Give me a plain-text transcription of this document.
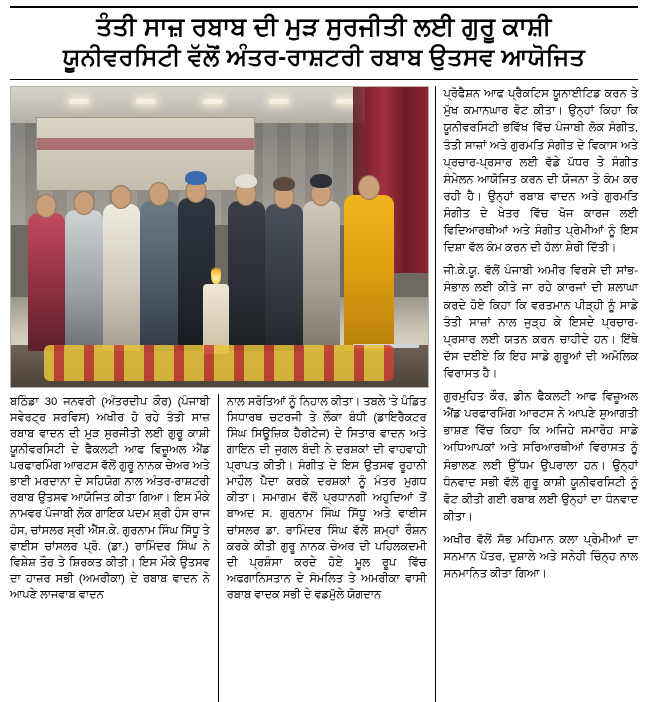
ਤੰਤੀ ਸਾਜ਼ ਰਬਾਬ ਦੀ ਮੁੜ ਸੁਰਜੀਤੀ ਲਈ ਗੁਰੂ ਕਾਸ਼ੀ
ਯੂਨੀਵਰਸਿਟੀ ਵੱਲੋਂ ਅੰਤਰ-ਰਾਸ਼ਟਰੀ ਰਬਾਬ ਉਤਸਵ ਆਯੋਜਿਤ
ਬਠਿੰਡਾ 30 ਜਨਵਰੀ (ਅੰਤਰਦੀਪ ਕੌਰ) (ਪੰਜਾਬੀ ਸਵੇਰਟ੍ਰ ਸਰਵਿਸ) ਅਖੀਰ ਹੋ ਰਹੇ ਤੰਤੀ ਸਾਜ਼ ਰਬਾਬ ਵਾਦਨ ਦੀ ਮੁੜ ਸੁਰਜੀਤੀ ਲਈ ਗੁਰੂ ਕਾਸ਼ੀ ਯੂਨੀਵਰਸਿਟੀ ਦੇ ਫੈਕਲਟੀ ਆਫ ਵਿਜ਼ੂਅਲ ਐਂਡ ਪਰਫਾਰਮਿੰਗ ਆਰਟਸ ਵੱਲੋਂ ਗੁਰੂ ਨਾਨਕ ਚੇਅਰ ਅਤੇ ਭਾਈ ਮਰਦਾਨਾ ਦੇ ਸਹਿਯੋਗ ਨਾਲ ਅੰਤਰ-ਰਾਸ਼ਟਰੀ ਰਬਾਬ ਉਤਸਵ ਆਯੋਜਿਤ ਕੀਤਾ ਗਿਆ। ਇਸ ਮੌਕੇ ਨਾਮਵਰ ਪੰਜਾਬੀ ਲੋਕ ਗਾਇਕ ਪਦਮ ਸ਼੍ਰੀ ਹੰਸ ਰਾਜ ਹੰਸ, ਚਾਂਸਲਰ ਸ੍ਰੀ ਐੱਸ.ਕੇ. ਗੁਰਨਾਮ ਸਿੰਘ ਸਿੱਧੂ ਤੇ ਵਾਈਸ ਚਾਂਸਲਰ ਪ੍ਰੋ. (ਡਾ.) ਰਾਮਿੰਦਰ ਸਿੰਘ ਨੇ ਵਿਸ਼ੇਸ਼ ਤੌਰ ਤੇ ਸ਼ਿਰਕਤ ਕੀਤੀ। ਇਸ ਮੌਕੇ ਉਤਸਵ ਦਾ ਹਾਜ਼ਰ ਸਭੀ (ਅਮਰੀਕਾ) ਦੇ ਰਬਾਬ ਵਾਦਨ ਨੇ ਆਪਣੇ ਲਾਜਵਾਬ ਵਾਦਨ
ਨਾਲ ਸਰੋਤਿਆਂ ਨੂੰ ਨਿਹਾਲ ਕੀਤਾ। ਤਬਲੇ 'ਤੇ ਪੰਡਿਤ ਸਿਧਾਰਥ ਚਟਰਜੀ ਤੇ ਲੌਕਾ ਬੰਧੀ (ਡਾਇਰੈਕਟਰ ਸਿੰਘ ਸਿਊਜ਼ਿਕ ਹੈਰੀਟੇਜ) ਦੇ ਸਿਤਾਰ ਵਾਦਨ ਅਤੇ ਗਾਇਨ ਦੀ ਜੁਗਲ ਬੰਦੀ ਨੇ ਦਰਸ਼ਕਾਂ ਦੀ ਵਾਹਵਾਹੀ ਪ੍ਰਾਪਤ ਕੀਤੀ। ਸੰਗੀਤ ਦੇ ਇਸ ਉਤਸਵ ਰੂਹਾਨੀ ਮਾਹੌਲ ਪੈਦਾ ਕਰਕੇ ਦਰਸ਼ਕਾਂ ਨੂੰ ਮੰਤਰ ਮੁਗਧ ਕੀਤਾ। ਸਮਾਗਮ ਵੱਲੋਂ ਪ੍ਰਧਾਨਗੀ ਅਹੁਦਿਆਂ ਤੋਂ ਬਾਅਦ ਸ. ਗੁਰਨਾਮ ਸਿੰਘ ਸਿੱਧੂ ਅਤੇ ਵਾਈਸ ਚਾਂਸਲਰ ਡਾ. ਰਾਮਿੰਦਰ ਸਿੰਘ ਵੱਲੋਂ ਸ਼ਮ੍ਹਾਂ ਰੌਸ਼ਨ ਕਰਕੇ ਕੀਤੀ ਗੁਰੂ ਨਾਨਕ ਚੇਅਰ ਦੀ ਪਹਿਲਕਦਮੀ ਦੀ ਪ੍ਰਸ਼ੰਸਾ ਕਰਦੇ ਹੋਏ ਮੂਲ ਰੂਪ ਵਿੱਚ ਅਫਗਾਨਿਸਤਾਨ ਦੇ ਸੰਮਲਿਤ ਤੇ ਅਮਰੀਕਾ ਵਾਸੀ ਰਬਾਬ ਵਾਦਕ ਸਭੀ ਦੇ ਵਡਮੁੱਲੇ ਯੋਗਦਾਨ

ਪ੍ਰੋਫੈਸ਼ਨ ਆਫ ਪ੍ਰੈਕਟਿਸ ਯੂਨਾਈਟਿਡ ਕਰਨ ਤੇ ਮੁੱਖ ਕਮਾਨਘਾਰ ਵੋਟ ਕੀਤਾ। ਉਨ੍ਹਾਂ ਕਿਹਾ ਕਿ ਯੂਨੀਵਰਸਿਟੀ ਭਵਿੱਖ ਵਿੱਚ ਪੰਜਾਬੀ ਲੋਕ ਸੰਗੀਤ, ਤੰਤੀ ਸਾਜ਼ਾਂ ਅਤੇ ਗੁਰਮਤਿ ਸੰਗੀਤ ਦੇ ਵਿਕਾਸ ਅਤੇ ਪ੍ਰਚਾਰ-ਪ੍ਰਸਾਰ ਲਈ ਵੱਡੇ ਪੱਧਰ ਤੇ ਸੰਗੀਤ ਸੰਮੇਲਨ ਆਯੋਜਿਤ ਕਰਨ ਦੀ ਯੋਜਨਾ ਤੇ ਕੰਮ ਕਰ ਰਹੀ ਹੈ। ਉਨ੍ਹਾਂ ਰਬਾਬ ਵਾਦਨ ਅਤੇ ਗੁਰਮਤਿ ਸੰਗੀਤ ਦੇ ਖੇਤਰ ਵਿੱਚ ਖੋਜ ਕਾਰਜ ਲਈ ਵਿਦਿਆਰਥੀਆਂ ਅਤੇ ਸੰਗੀਤ ਪ੍ਰੇਮੀਆਂ ਨੂੰ ਇਸ ਦਿਸ਼ਾ ਵੱਲ ਕੰਮ ਕਰਨ ਦੀ ਹੱਲਾ ਸ਼ੇਰੀ ਦਿੱਤੀ।

ਜੀ.ਕੇ.ਯੂ. ਵੱਲੋਂ ਪੰਜਾਬੀ ਅਮੀਰ ਵਿਰਸੇ ਦੀ ਸਾਂਭ-ਸੰਭਾਲ ਲਈ ਕੀਤੇ ਜਾ ਰਹੇ ਕਾਰਜਾਂ ਦੀ ਸ਼ਲਾਘਾ ਕਰਦੇ ਹੋਏ ਕਿਹਾ ਕਿ ਵਰਤਮਾਨ ਪੀੜ੍ਹੀ ਨੂੰ ਸਾਡੇ ਤੰਤੀ ਸਾਜ਼ਾਂ ਨਾਲ ਜੁੜ੍ਹ ਕੇ ਇਸਦੇ ਪ੍ਰਚਾਰ-ਪ੍ਰਸਾਰ ਲਈ ਯਤਨ ਕਰਨ ਚਾਹੀਦੇ ਹਨ। ਇੱਥੇ ਦੱਸ ਦਈਏ ਕਿ ਇਹ ਸਾਡੇ ਗੁਰੂਆਂ ਦੀ ਅਮੋਲਿਕ ਵਿਰਾਸਤ ਹੈ।

ਗੁਰਮੁਹਿਤ ਕੌਰ, ਡੀਨ ਫੈਕਲਟੀ ਆਫ ਵਿਜ਼ੂਅਲ ਐਂਡ ਪਰਫਾਰਮਿੰਗ ਆਰਟਸ ਨੇ ਆਪਣੇ ਸੁਆਗਤੀ ਭਾਸ਼ਣ ਵਿੱਚ ਕਿਹਾ ਕਿ ਅਜਿਹੇ ਸਮਾਰੋਹ ਸਾਡੇ ਅਧਿਆਪਕਾਂ ਅਤੇ ਸਰਿਆਰਥੀਆਂ ਵਿਰਾਸਤ ਨੂੰ ਸੰਭਾਲਣ ਲਈ ਉੱਧਮ ਉਪਰਾਲਾ ਹਨ। ਉਨ੍ਹਾਂ ਧੰਨਵਾਦ ਸਭੀ ਵੱਲੋਂ ਗੁਰੂ ਕਾਸ਼ੀ ਯੂਨੀਵਰਸਿਟੀ ਨੂੰ ਵੋਟ ਕੀਤੀ ਗਈ ਰਬਾਬ ਲਈ ਉਨ੍ਹਾਂ ਦਾ ਧੰਨਵਾਦ ਕੀਤਾ।

ਅਖੀਰ ਵੱਲੋਂ ਸੱਭ ਮਹਿਮਾਨ ਕਲਾ ਪ੍ਰੇਮੀਆਂ ਦਾ ਸਨਮਾਨ ਪੱਤਰ, ਦੁਸ਼ਾਲੇ ਅਤੇ ਸਨੇਹੀ ਚਿੰਨ੍ਹ ਨਾਲ ਸਨਮਾਨਿਤ ਕੀਤਾ ਗਿਆ।
